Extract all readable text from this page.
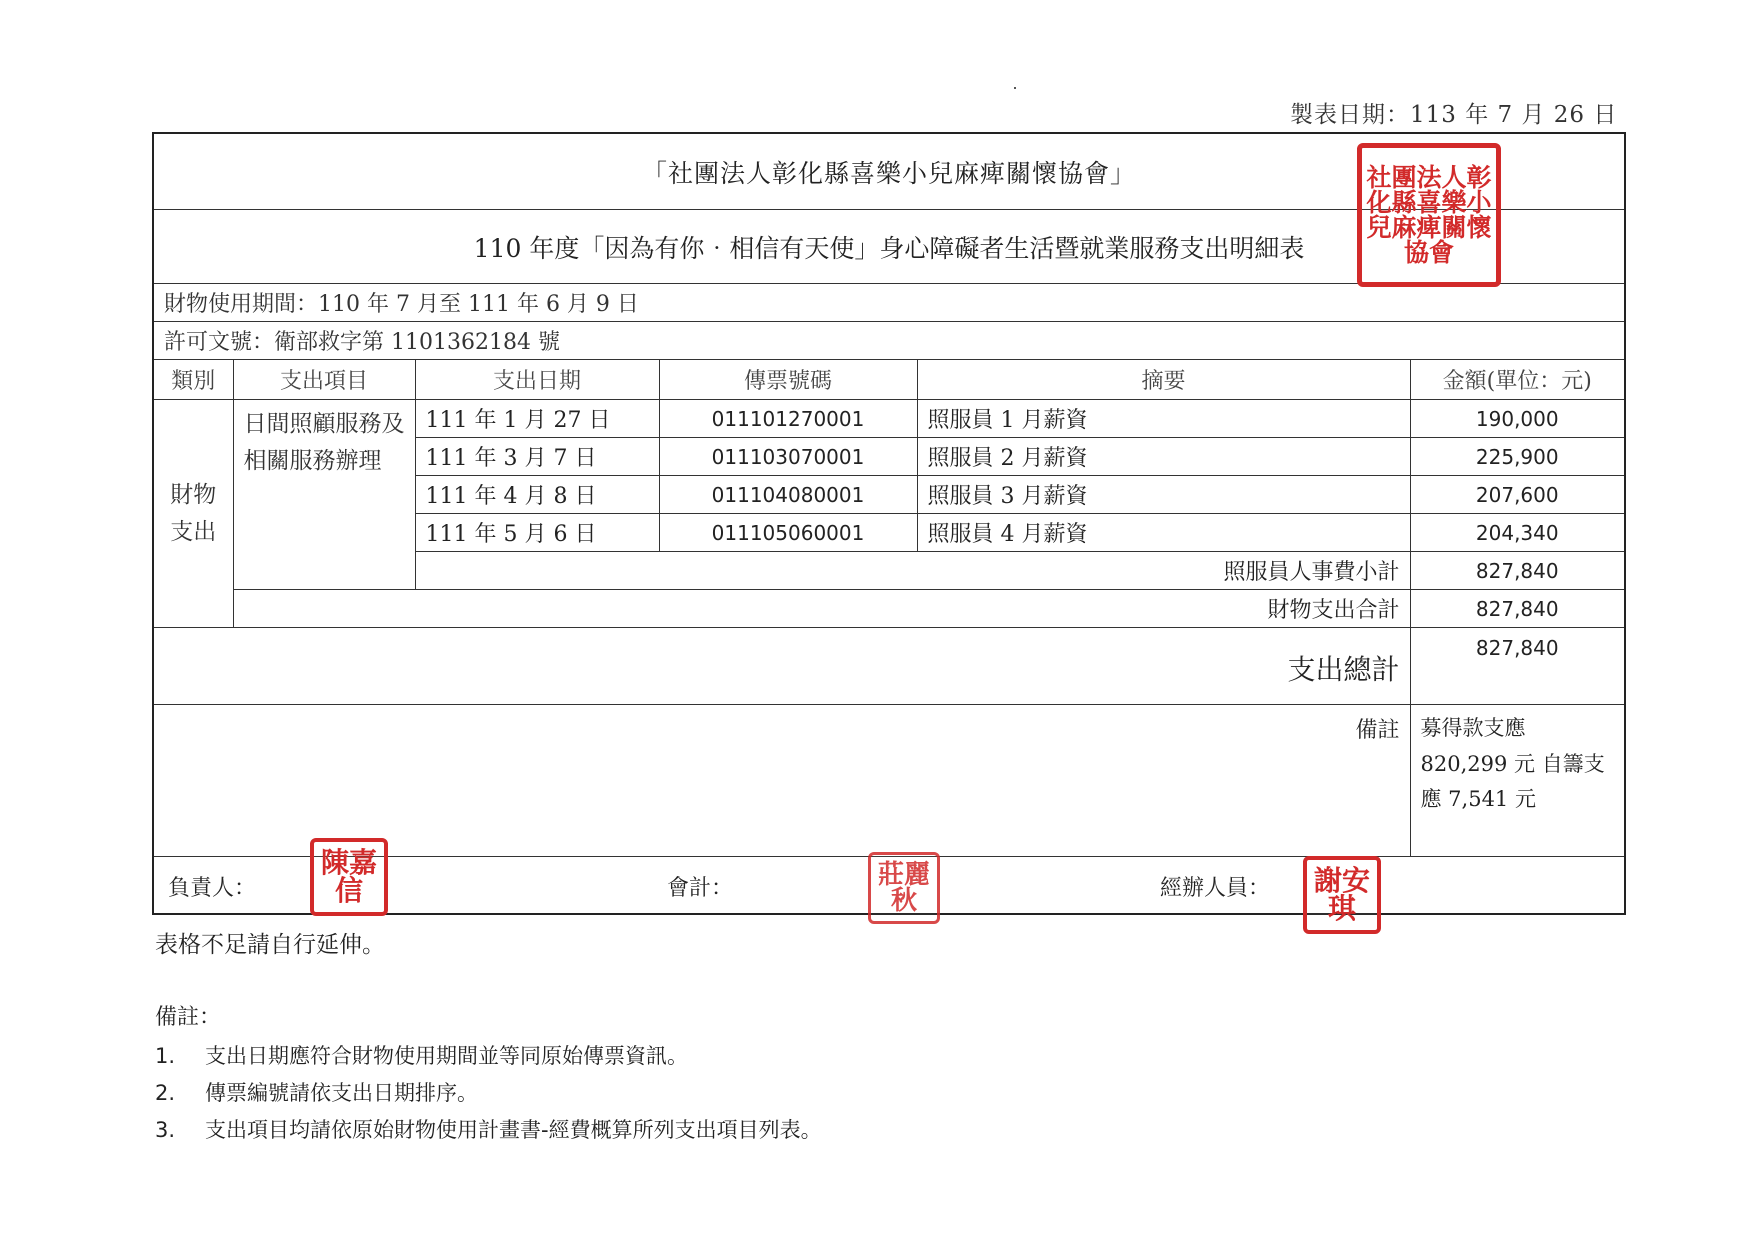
製表日期：113 年 7 月 26 日
「社團法人彰化縣喜樂小兒麻痺關懷協會」					
110 年度「因為有你‧相信有天使」身心障礙者生活暨就業服務支出明細表					
財物使用期間：110 年 7 月至 111 年 6 月 9 日					
許可文號：衛部救字第 1101362184 號					
類別	支出項目	支出日期	傳票號碼	摘要	金額(單位：元)
財物支出	日間照顧服務及相關服務辦理	111 年 1 月 27 日	011101270001	照服員 1 月薪資	190,000
		111 年 3 月 7 日	011103070001	照服員 2 月薪資	225,900
		111 年 4 月 8 日	011104080001	照服員 3 月薪資	207,600
		111 年 5 月 6 日	011105060001	照服員 4 月薪資	204,340
		照服員人事費小計			827,840
	財物支出合計				827,840
支出總計					827,840
備註					募得款支應 820,299 元 自籌支應 7,541 元

負責人： 會計： 經辦人員：					
社團法人彰化縣喜樂小兒麻痺關懷協會
陳嘉信	莊麗秋
謝安琪
表格不足請自行延伸。
備註：
1. 支出日期應符合財物使用期間並等同原始傳票資訊。
2. 傳票編號請依支出日期排序。
3. 支出項目均請依原始財物使用計畫書-經費概算所列支出項目列表。
